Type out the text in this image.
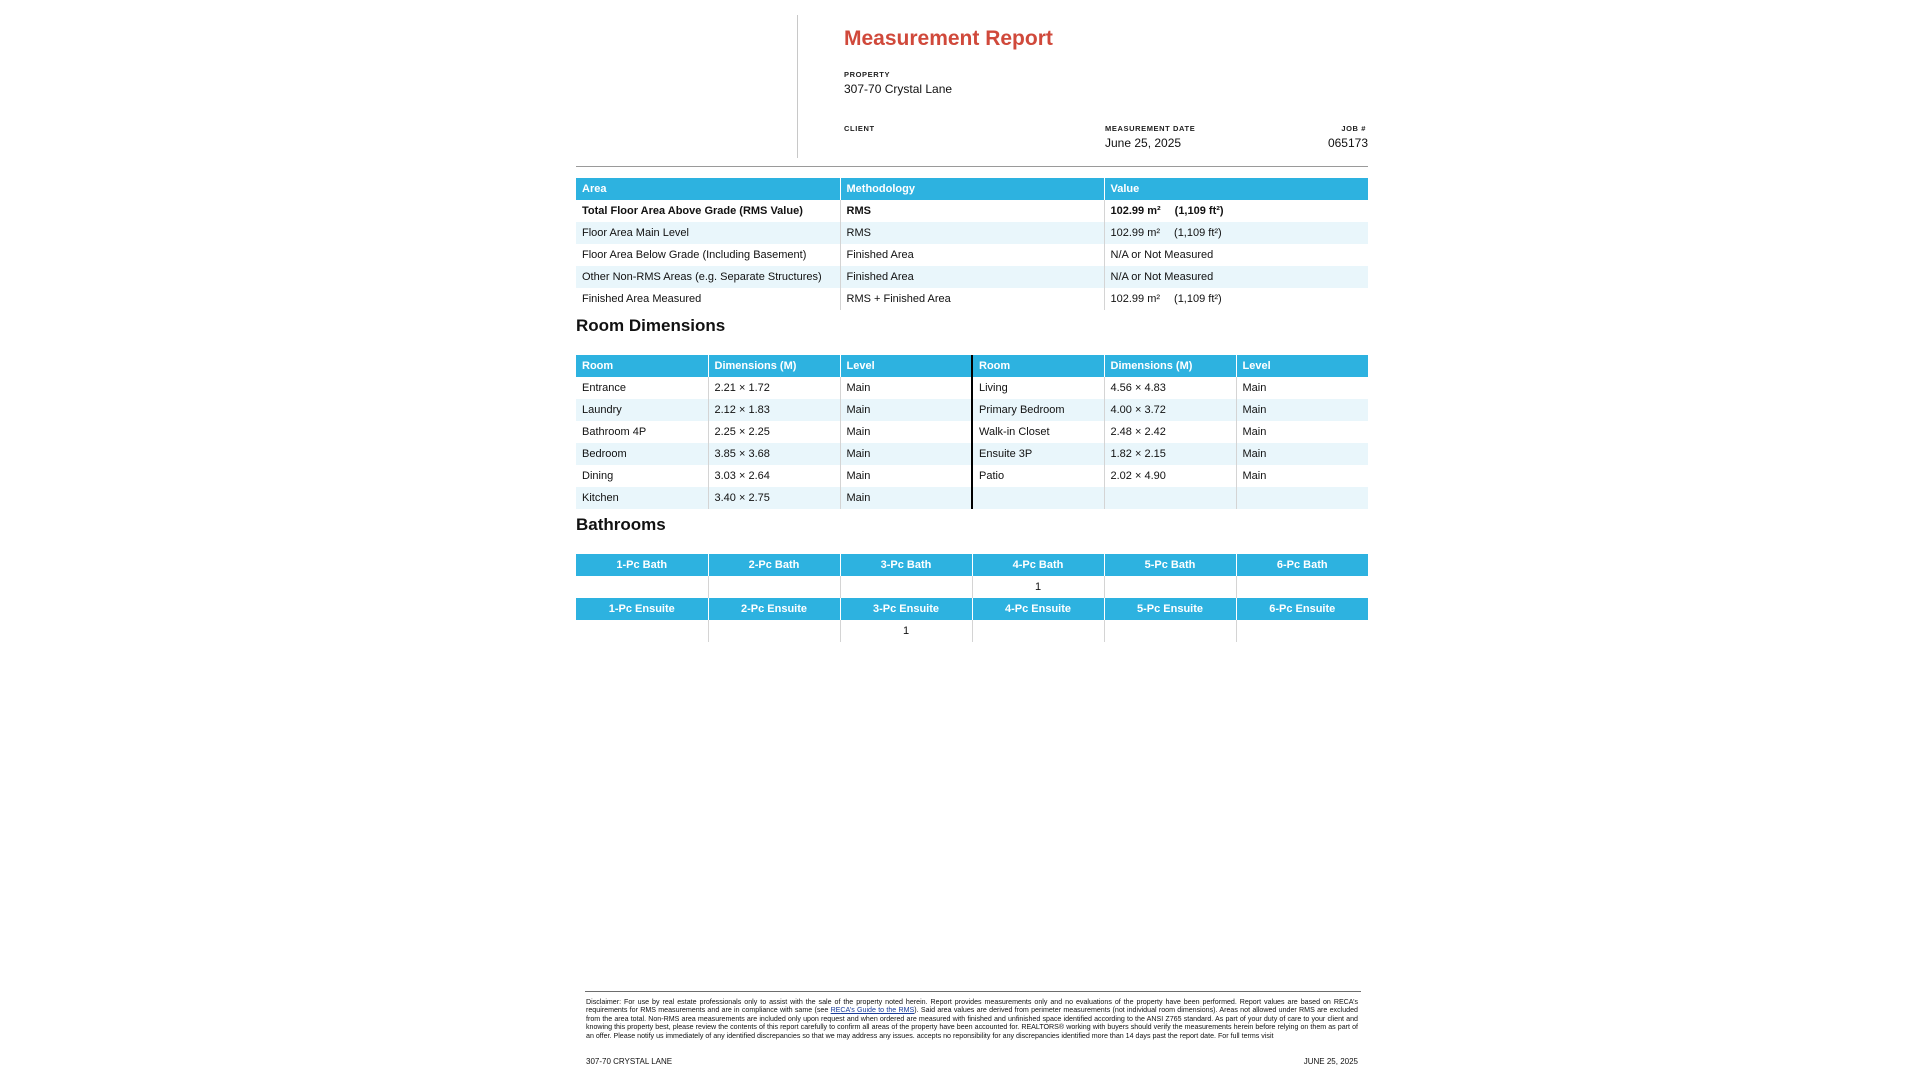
Measurement Report
PROPERTY
307-70 Crystal Lane
CLIENT	MEASUREMENT DATE
June 25, 2025
JOB #
065173
Area	Methodology	Value
Total Floor Area Above Grade (RMS Value)	RMS	102.99 m² (1,109 ft²)
Floor Area Main Level	RMS	102.99 m² (1,109 ft²)
Floor Area Below Grade (Including Basement)	Finished Area	N/A or Not Measured
Other Non-RMS Areas (e.g. Separate Structures)	Finished Area	N/A or Not Measured
Finished Area Measured	RMS + Finished Area	102.99 m² (1,109 ft²)
Room Dimensions
Room	Dimensions (M)	Level	Room	Dimensions (M)	Level
Entrance	2.21 × 1.72	Main	Living	4.56 × 4.83	Main
Laundry	2.12 × 1.83	Main	Primary Bedroom	4.00 × 3.72	Main
Bathroom 4P	2.25 × 2.25	Main	Walk-in Closet	2.48 × 2.42	Main
Bedroom	3.85 × 3.68	Main	Ensuite 3P	1.82 × 2.15	Main
Dining	3.03 × 2.64	Main	Patio	2.02 × 4.90	Main
Kitchen	3.40 × 2.75	Main			
Bathrooms
1-Pc Bath	2-Pc Bath	3-Pc Bath	4-Pc Bath	5-Pc Bath	6-Pc Bath
			1		
1-Pc Ensuite	2-Pc Ensuite	3-Pc Ensuite	4-Pc Ensuite	5-Pc Ensuite	6-Pc Ensuite
		1			

Disclaimer: For use by real estate professionals only to assist with the sale of the property noted herein. Report provides measurements only and no evaluations of the property have been performed. Report values are based on RECA’s requirements for RMS measurements and are in compliance with same (see RECA’s Guide to the RMS). Said area values are derived from perimeter measurements (not individual room dimensions). Areas not allowed under RMS are excluded from the area total. Non-RMS area measurements are included only upon request and when ordered are measured with finished and unfinished space identified according to the ANSI Z765 standard. As part of your duty of care to your client and knowing this property best, please review the contents of this report carefully to confirm all areas of the property have been accounted for. REALTORS® working with buyers should verify the measurements herein before relying on them as part of an offer. Please notify us immediately of any identified discrepancies so that we may address any issues. accepts no reponsibility for any discrepancies identified more than 14 days past the report date. For full terms visit

307-70 CRYSTAL LANE	JUNE 25, 2025
